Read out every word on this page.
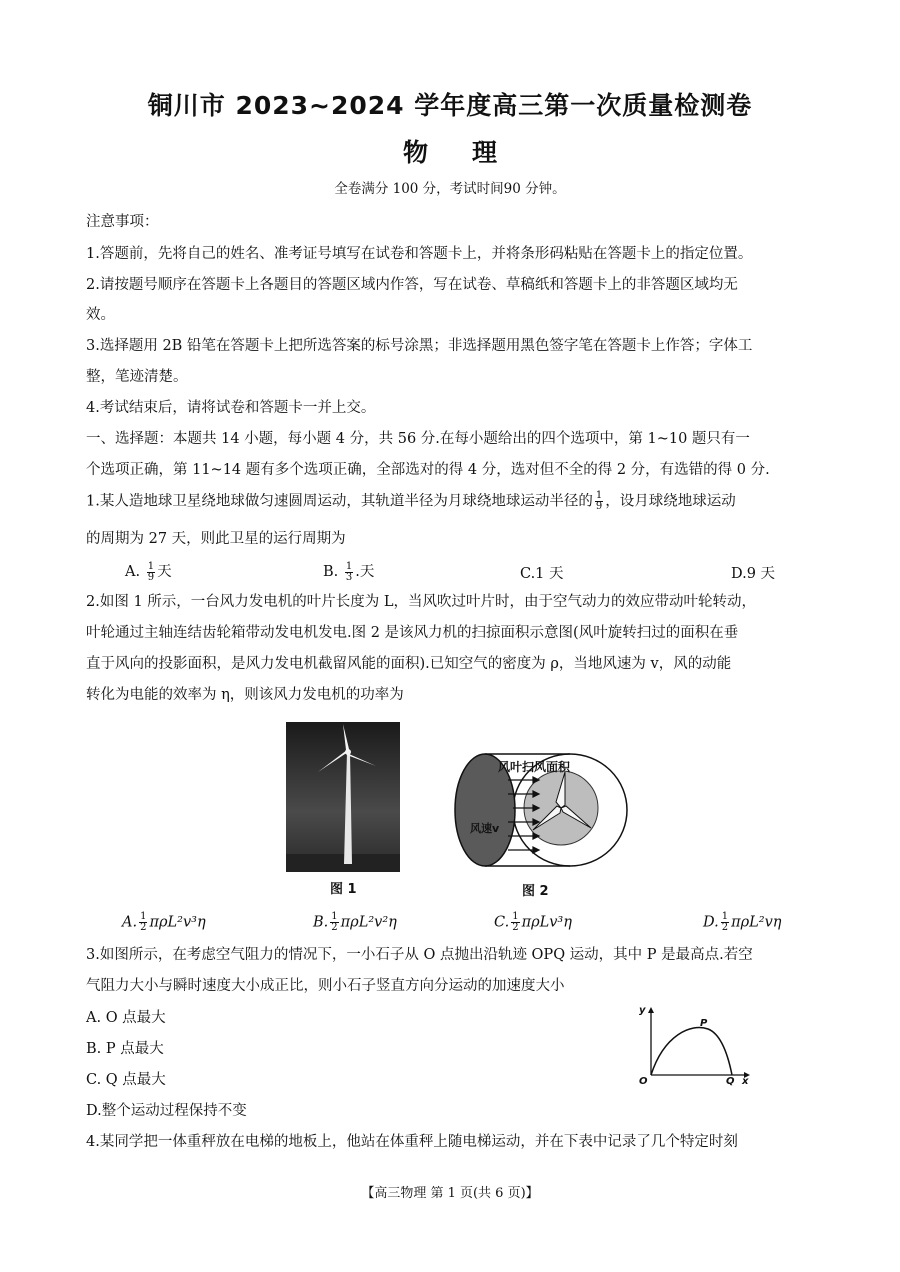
铜川市 2023~2024 学年度高三第一次质量检测卷
物 理
全卷满分 100 分，考试时间90 分钟。
注意事项：
1.答题前，先将自己的姓名、准考证号填写在试卷和答题卡上，并将条形码粘贴在答题卡上的指定位置。
2.请按题号顺序在答题卡上各题目的答题区域内作答，写在试卷、草稿纸和答题卡上的非答题区域均无
效。
3.选择题用 2B 铅笔在答题卡上把所选答案的标号涂黑；非选择题用黑色签字笔在答题卡上作答；字体工
整，笔迹清楚。
4.考试结束后，请将试卷和答题卡一并上交。
一、选择题：本题共 14 小题，每小题 4 分，共 56 分.在每小题给出的四个选项中，第 1~10 题只有一
个选项正确，第 11~14 题有多个选项正确，全部选对的得 4 分，选对但不全的得 2 分，有选错的得 0 分.
1.某人造地球卫星绕地球做匀速圆周运动，其轨道半径为月球绕地球运动半径的 $\frac{1}{9}$ ，设月球绕地球运动
的周期为 27 天，则此卫星的运行周期为
A. $\frac{1}{9}$ 天	B. $\frac{1}{3}$ .天	C.1 天	D.9 天
2.如图 1 所示，一台风力发电机的叶片长度为 L，当风吹过叶片时，由于空气动力的效应带动叶轮转动，
叶轮通过主轴连结齿轮箱带动发电机发电.图 2 是该风力机的扫掠面积示意图(风叶旋转扫过的面积在垂
直于风向的投影面积，是风力发电机截留风能的面积).已知空气的密度为 ρ，当地风速为 v，风的动能
转化为电能的效率为 η，则该风力发电机的功率为
图 1
风叶扫风面积
风速v
图 2
A. $\frac{1}{2} \pi\rho L^2v^3\eta$	B. $\frac{1}{2} \pi\rho L^2v^2\eta$	C. $\frac{1}{2} \pi\rho Lv^3\eta$	D. $\frac{1}{2} \pi\rho L^2v\eta$
3.如图所示，在考虑空气阻力的情况下，一小石子从 O 点抛出沿轨迹 OPQ 运动，其中 P 是最高点.若空
气阻力大小与瞬时速度大小成正比，则小石子竖直方向分运动的加速度大小
A. O 点最大
B. P 点最大
C. Q 点最大
D.整个运动过程保持不变
y
P
O	Q x
4.某同学把一体重秤放在电梯的地板上，他站在体重秤上随电梯运动，并在下表中记录了几个特定时刻
【高三物理 第 1 页(共 6 页)】
